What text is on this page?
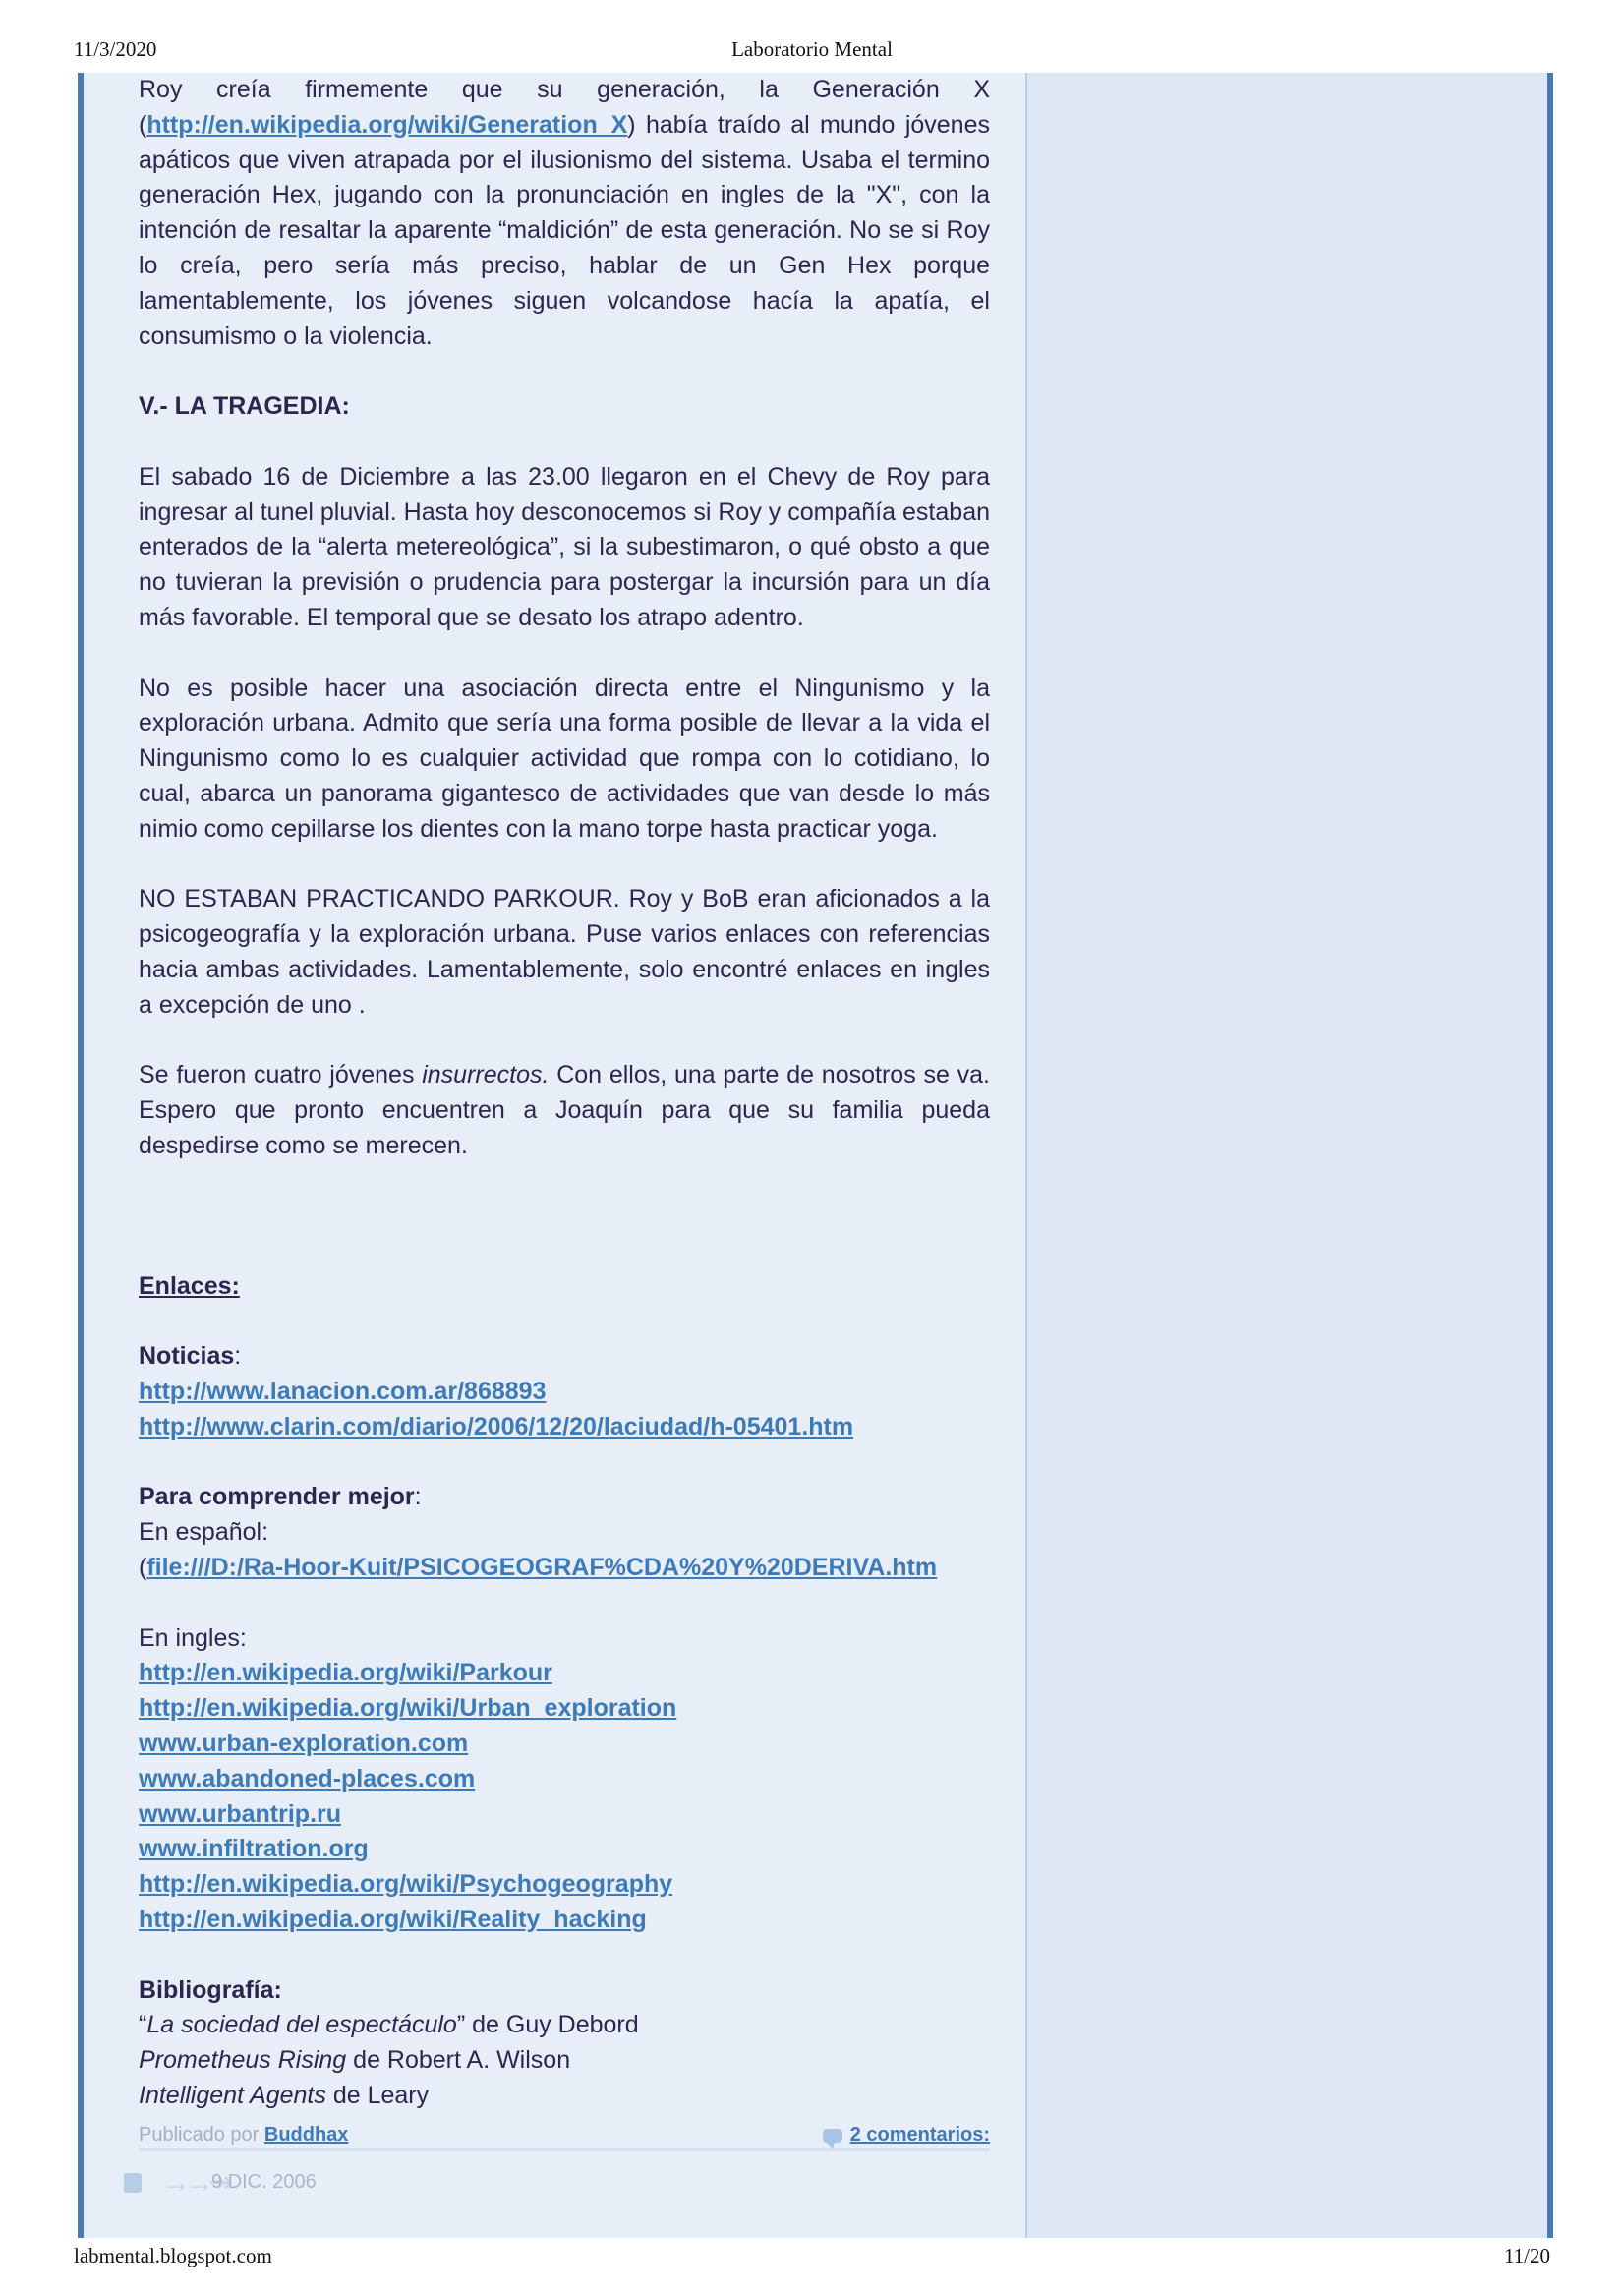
11/3/2020	Laboratorio Mental

Roy creía firmemente que su generación, la Generación X (http://en.wikipedia.org/wiki/Generation_X) había traído al mundo jóvenes apáticos que viven atrapada por el ilusionismo del sistema. Usaba el termino generación Hex, jugando con la pronunciación en ingles de la "X", con la intención de resaltar la aparente “maldición” de esta generación. No se si Roy lo creía, pero sería más preciso, hablar de un Gen Hex porque lamentablemente, los jóvenes siguen volcandose hacía la apatía, el consumismo o la violencia.

V.- LA TRAGEDIA:

El sabado 16 de Diciembre a las 23.00 llegaron en el Chevy de Roy para ingresar al tunel pluvial. Hasta hoy desconocemos si Roy y compañía estaban enterados de la “alerta metereológica”, si la subestimaron, o qué obsto a que no tuvieran la previsión o prudencia para postergar la incursión para un día más favorable. El temporal que se desato los atrapo adentro.

No es posible hacer una asociación directa entre el Ningunismo y la exploración urbana. Admito que sería una forma posible de llevar a la vida el Ningunismo como lo es cualquier actividad que rompa con lo cotidiano, lo cual, abarca un panorama gigantesco de actividades que van desde lo más nimio como cepillarse los dientes con la mano torpe hasta practicar yoga.

NO ESTABAN PRACTICANDO PARKOUR. Roy y BoB eran aficionados a la psicogeografía y la exploración urbana. Puse varios enlaces con referencias hacia ambas actividades. Lamentablemente, solo encontré enlaces en ingles a excepción de uno .

Se fueron cuatro jóvenes insurrectos. Con ellos, una parte de nosotros se va. Espero que pronto encuentren a Joaquín para que su familia pueda despedirse como se merecen.

Enlaces:
Noticias:
http://www.lanacion.com.ar/868893
http://www.clarin.com/diario/2006/12/20/laciudad/h-05401.htm
Para comprender mejor:
En español:
(file:///D:/Ra-Hoor-Kuit/PSICOGEOGRAF%CDA%20Y%20DERIVA.htm
En ingles:
http://en.wikipedia.org/wiki/Parkour
http://en.wikipedia.org/wiki/Urban_exploration
www.urban-exploration.com
www.abandoned-places.com
www.urbantrip.ru
www.infiltration.org
http://en.wikipedia.org/wiki/Psychogeography
http://en.wikipedia.org/wiki/Reality_hacking
Bibliografía:
“La sociedad del espectáculo” de Guy Debord
Prometheus Rising de Robert A. Wilson
Intelligent Agents de Leary
Publicado por Buddhax	2 comentarios:
→→↠
9 DIC. 2006
labmental.blogspot.com	11/20
